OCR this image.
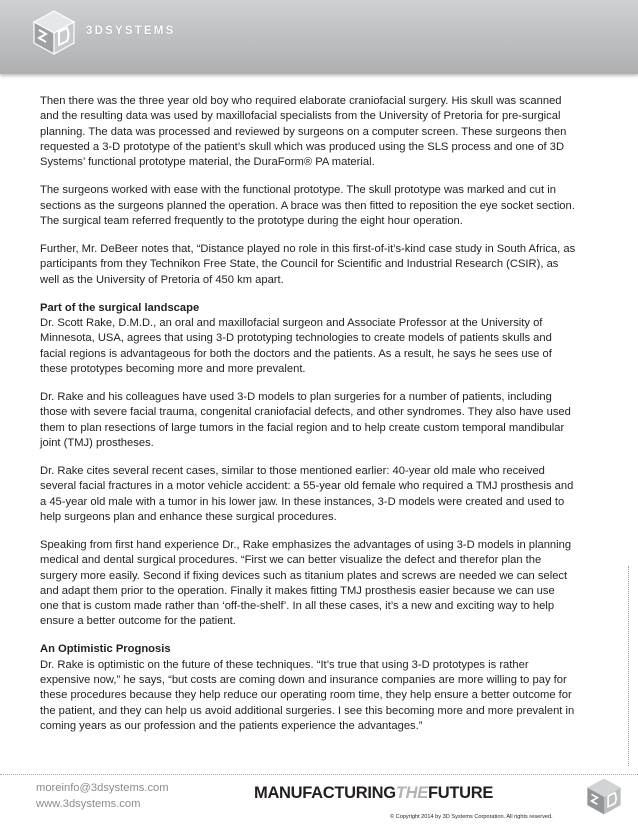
3DSYSTEMS

Then there was the three year old boy who required elaborate craniofacial surgery. His skull was scanned and the resulting data was used by maxillofacial specialists from the University of Pretoria for pre-surgical planning. The data was processed and reviewed by surgeons on a computer screen. These surgeons then requested a 3-D prototype of the patient’s skull which was produced using the SLS process and one of 3D Systems’ functional prototype material, the DuraForm® PA material.

The surgeons worked with ease with the functional prototype. The skull prototype was marked and cut in sections as the surgeons planned the operation. A brace was then fitted to reposition the eye socket section. The surgical team referred frequently to the prototype during the eight hour operation.

Further, Mr. DeBeer notes that, “Distance played no role in this first-of-it’s-kind case study in South Africa, as participants from they Technikon Free State, the Council for Scientific and Industrial Research (CSIR), as well as the University of Pretoria of 450 km apart.

Part of the surgical landscape
Dr. Scott Rake, D.M.D., an oral and maxillofacial surgeon and Associate Professor at the University of Minnesota, USA, agrees that using 3-D prototyping technologies to create models of patients skulls and facial regions is advantageous for both the doctors and the patients. As a result, he says he sees use of these prototypes becoming more and more prevalent.

Dr. Rake and his colleagues have used 3-D models to plan surgeries for a number of patients, including those with severe facial trauma, congenital craniofacial defects, and other syndromes. They also have used them to plan resections of large tumors in the facial region and to help create custom temporal mandibular joint (TMJ) prostheses.

Dr. Rake cites several recent cases, similar to those mentioned earlier: 40-year old male who received several facial fractures in a motor vehicle accident: a 55-year old female who required a TMJ prosthesis and a 45-year old male with a tumor in his lower jaw. In these instances, 3-D models were created and used to help surgeons plan and enhance these surgical procedures.

Speaking from first hand experience Dr., Rake emphasizes the advantages of using 3-D models in planning medical and dental surgical procedures. “First we can better visualize the defect and therefor plan the surgery more easily. Second if fixing devices such as titanium plates and screws are needed we can select and adapt them prior to the operation. Finally it makes fitting TMJ prosthesis easier because we can use one that is custom made rather than ‘off-the-shelf’. In all these cases, it’s a new and exciting way to help ensure a better outcome for the patient.

An Optimistic Prognosis
Dr. Rake is optimistic on the future of these techniques. “It’s true that using 3-D prototypes is rather expensive now,” he says, “but costs are coming down and insurance companies are more willing to pay for these procedures because they help reduce our operating room time, they help ensure a better outcome for the patient, and they can help us avoid additional surgeries. I see this becoming more and more prevalent in coming years as our profession and the patients experience the advantages.”

moreinfo@3dsystems.com
www.3dsystems.com
MANUFACTURINGTHEFUTURE
© Copyright 2014 by 3D Systems Corporation. All rights reserved.
